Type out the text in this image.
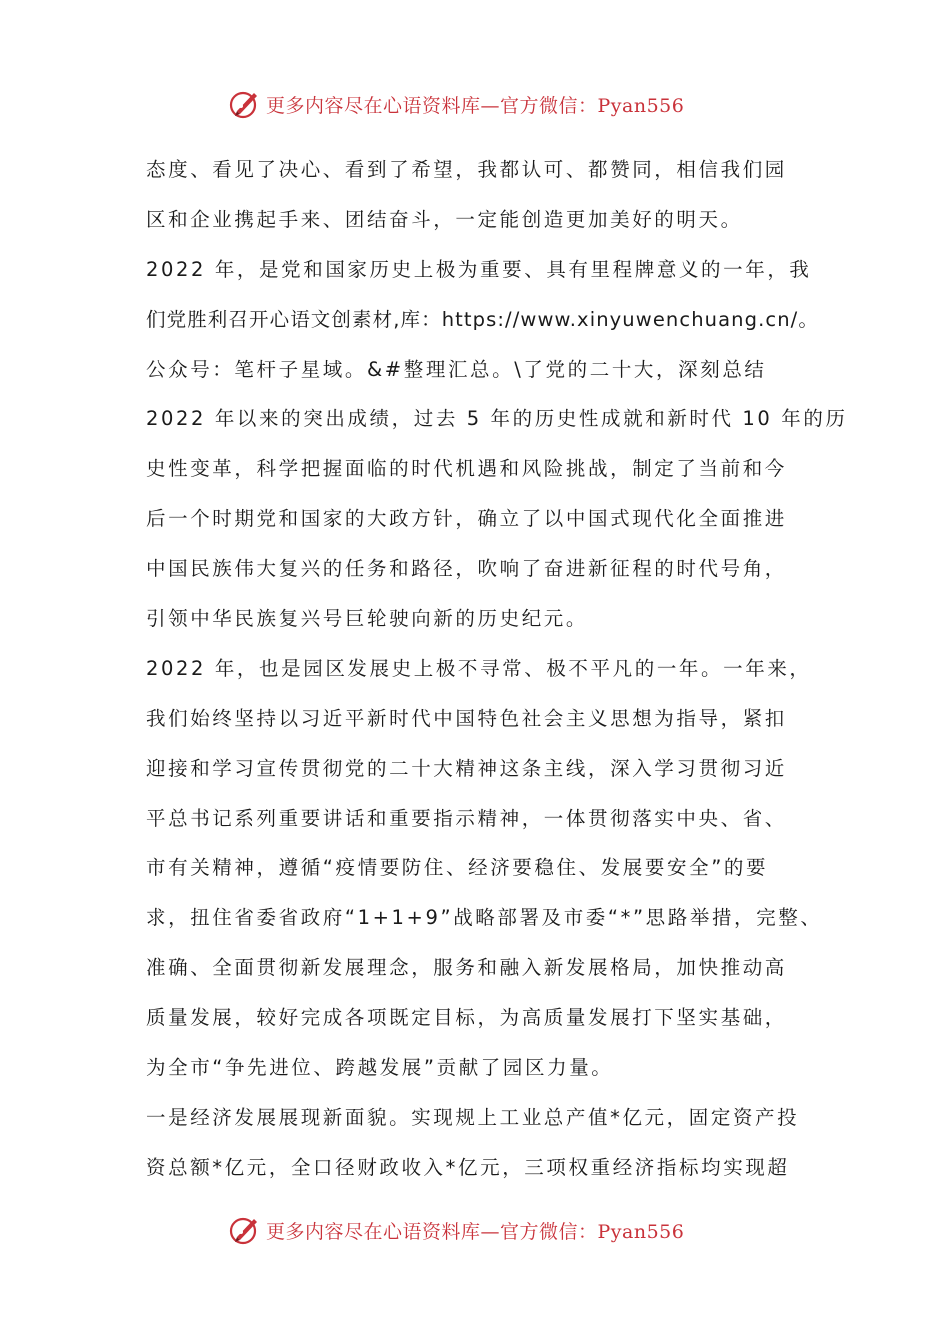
更多内容尽在心语资料库—官方微信：Pyan556
态度、看见了决心、看到了希望，我都认可、都赞同，相信我们园
区和企业携起手来、团结奋斗，一定能创造更加美好的明天。
2022 年，是党和国家历史上极为重要、具有里程牌意义的一年，我
们党胜利召开心语文创素材,库：https://www.xinyuwenchuang.cn/。
公众号：笔杆子星域。&#整理汇总。\了党的二十大，深刻总结
2022 年以来的突出成绩，过去 5 年的历史性成就和新时代 10 年的历
史性变革，科学把握面临的时代机遇和风险挑战，制定了当前和今
后一个时期党和国家的大政方针，确立了以中国式现代化全面推进
中国民族伟大复兴的任务和路径，吹响了奋进新征程的时代号角，
引领中华民族复兴号巨轮驶向新的历史纪元。
2022 年，也是园区发展史上极不寻常、极不平凡的一年。一年来，
我们始终坚持以习近平新时代中国特色社会主义思想为指导，紧扣
迎接和学习宣传贯彻党的二十大精神这条主线，深入学习贯彻习近
平总书记系列重要讲话和重要指示精神，一体贯彻落实中央、省、
市有关精神，遵循“疫情要防住、经济要稳住、发展要安全”的要
求，扭住省委省政府“1+1+9”战略部署及市委“*”思路举措，完整、
准确、全面贯彻新发展理念，服务和融入新发展格局，加快推动高
质量发展，较好完成各项既定目标，为高质量发展打下坚实基础，
为全市“争先进位、跨越发展”贡献了园区力量。
一是经济发展展现新面貌。实现规上工业总产值*亿元，固定资产投
资总额*亿元，全口径财政收入*亿元，三项权重经济指标均实现超
更多内容尽在心语资料库—官方微信：Pyan556
